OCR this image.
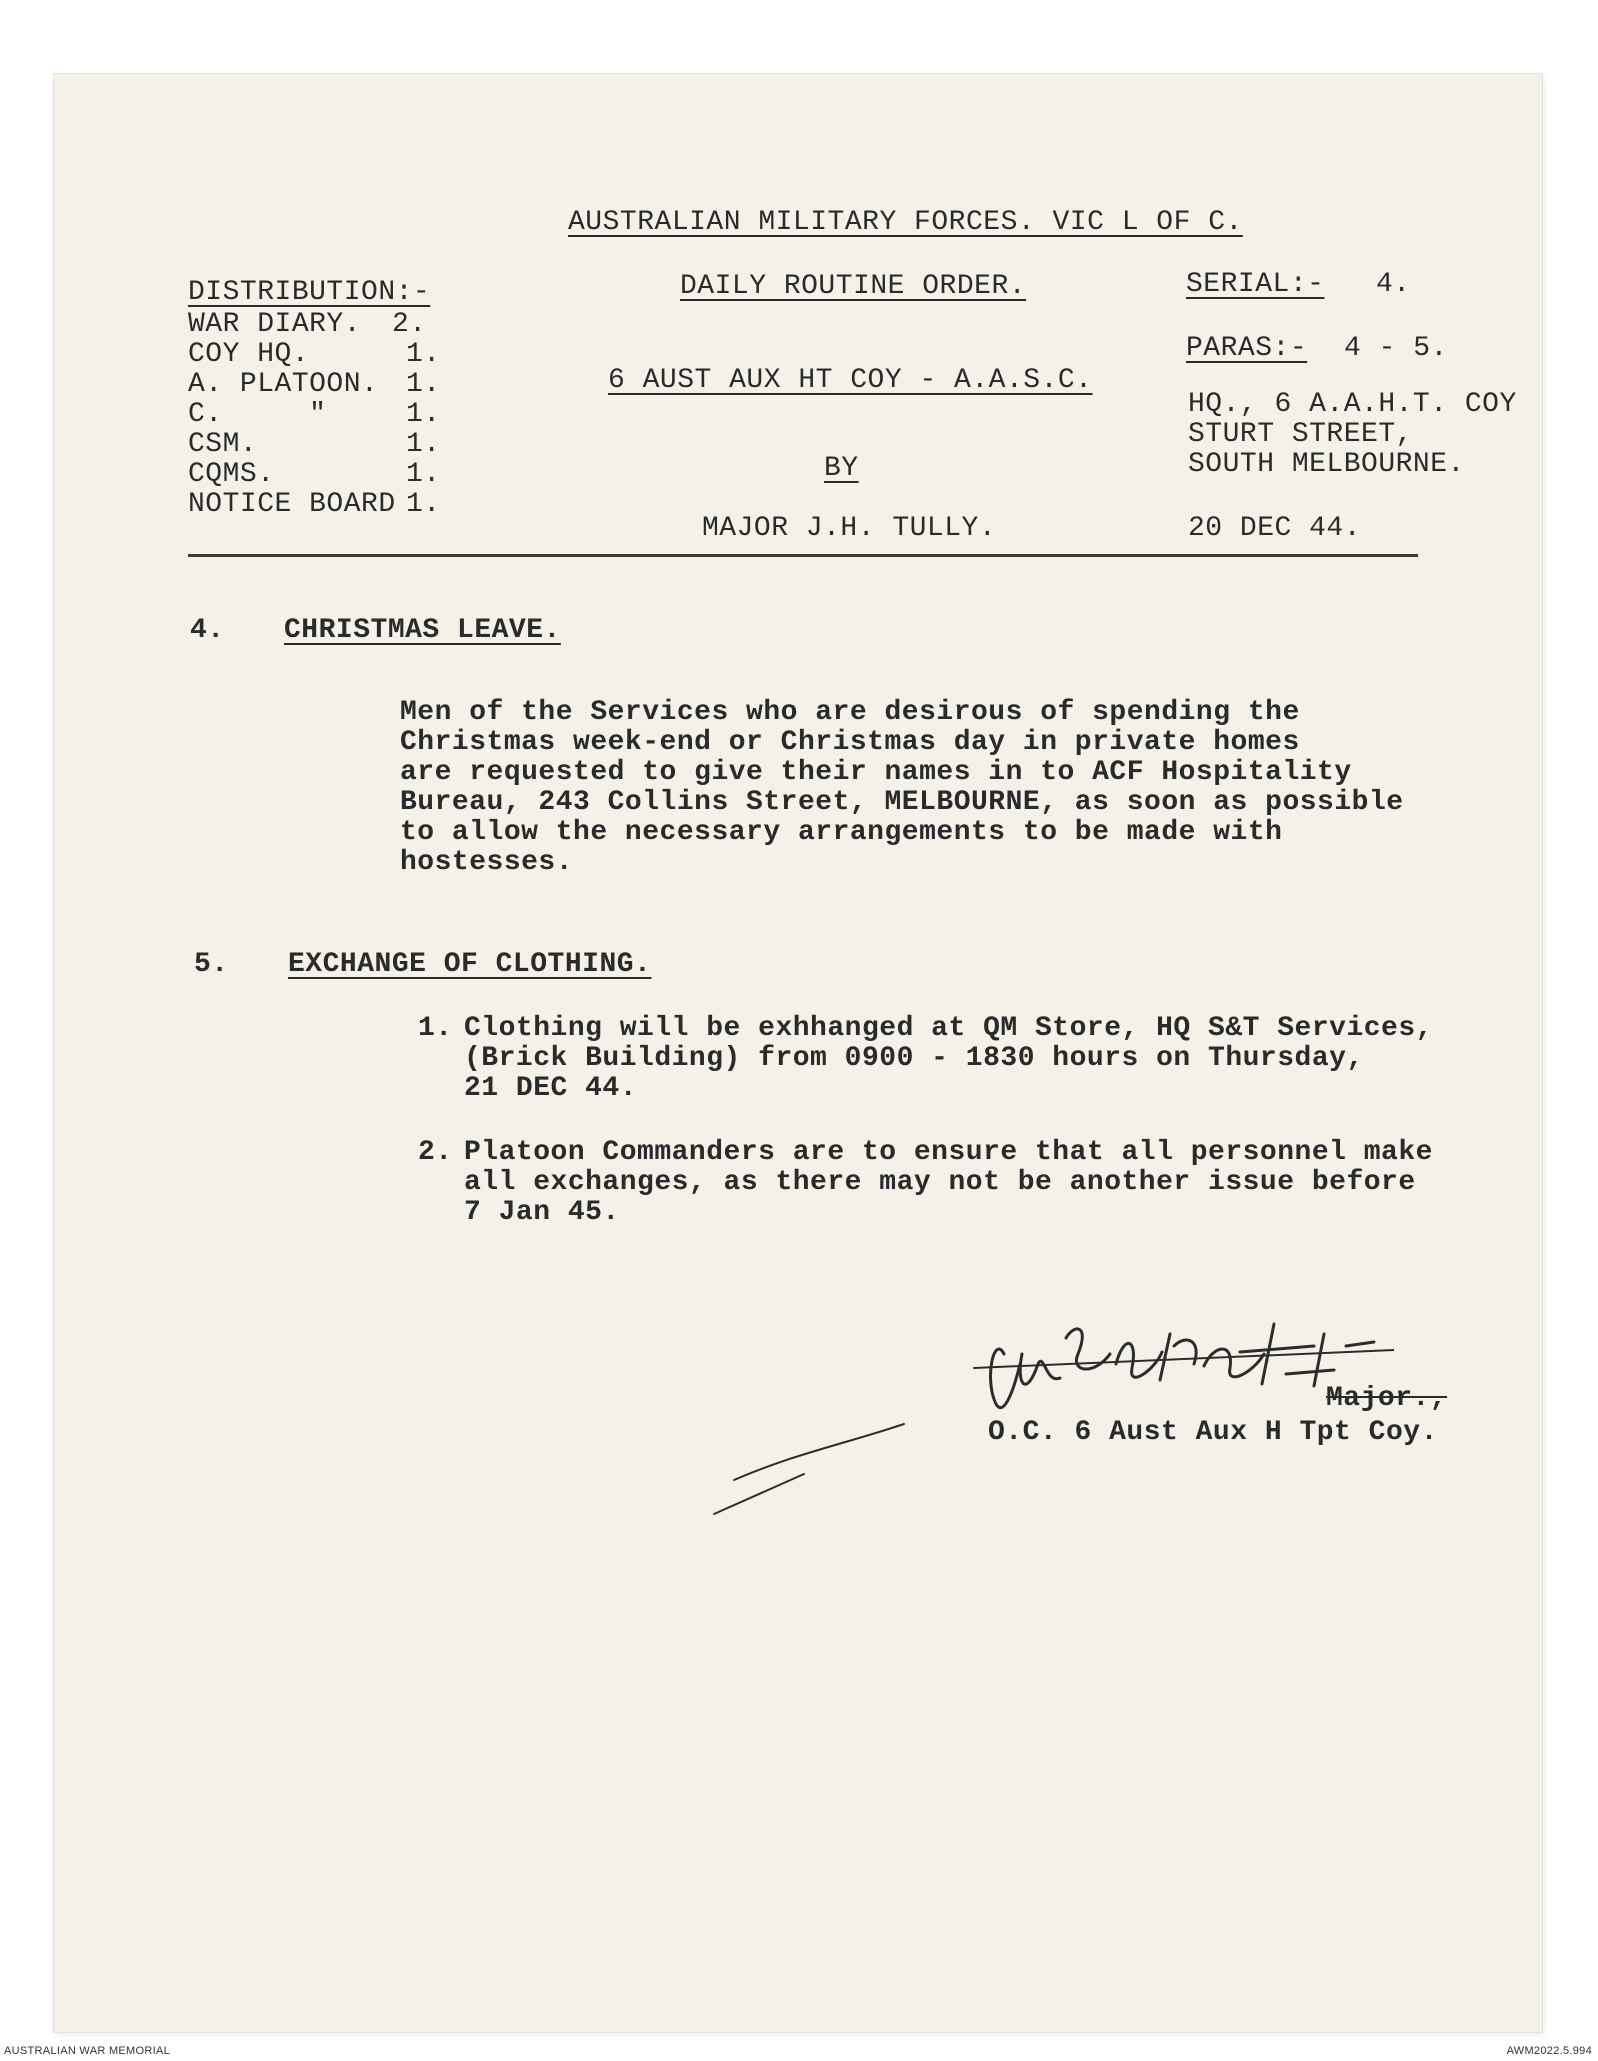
AUSTRALIAN MILITARY FORCES. VIC L OF C.
DISTRIBUTION:-
WAR DIARY. 2.
COY HQ.	1.
A. PLATOON. 1.
C.     "	1.
CSM.	1.
CQMS.	1.
NOTICE BOARD 1.
DAILY ROUTINE ORDER.
6 AUST AUX HT COY - A.A.S.C.
BY
MAJOR J.H. TULLY.
SERIAL:- 4.
PARAS:- 4 - 5.
HQ., 6 A.A.H.T. COY
STURT STREET,
SOUTH MELBOURNE.
20 DEC 44.
4. CHRISTMAS LEAVE.
Men of the Services who are desirous of spending the
Christmas week-end or Christmas day in private homes
are requested to give their names in to ACF Hospitality
Bureau, 243 Collins Street, MELBOURNE, as soon as possible
to allow the necessary arrangements to be made with
hostesses.
5. EXCHANGE OF CLOTHING.
1. Clothing will be exhhanged at QM Store, HQ S&T Services,
(Brick Building) from 0900 - 1830 hours on Thursday,
21 DEC 44.
2. Platoon Commanders are to ensure that all personnel make
all exchanges, as there may not be another issue before
7 Jan 45.
Major.,
O.C. 6 Aust Aux H Tpt Coy.
AUSTRALIAN WAR MEMORIAL	AWM2022.5.994
